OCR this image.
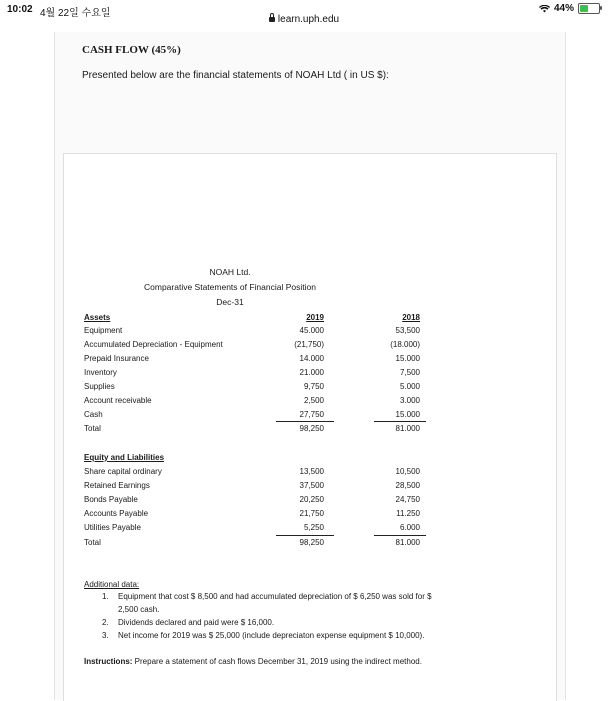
10:02 4월 22일 수요일	44%
learn.uph.edu
CASH FLOW (45%)
Presented below are the financial statements of NOAH Ltd ( in US $):
NOAH Ltd.
Comparative Statements of Financial Position
Dec-31
Assets	2019	2018
Equipment	45.000	53,500
Accumulated Depreciation - Equipment	(21,750)	(18.000)
Prepaid Insurance	14.000	15.000
Inventory	21.000	7,500
Supplies	9,750	5.000
Account receivable	2,500	3.000
Cash	27,750	15.000
Total	98,250	81.000
Equity and Liabilities
Share capital ordinary	13,500	10,500
Retained Earnings	37,500	28,500
Bonds Payable	20,250	24,750
Accounts Payable	21,750	11.250
Utilities Payable	5,250	6.000
Total	98,250	81.000
Additional data:
1. Equipment that cost $ 8,500 and had accumulated depreciation of $ 6,250 was sold for $
2,500 cash.
2. Dividends declared and paid were $ 16,000.
3. Net income for 2019 was $ 25,000 (include depreciaton expense equipment $ 10,000).
Instructions: Prepare a statement of cash flows December 31, 2019 using the indirect method.
